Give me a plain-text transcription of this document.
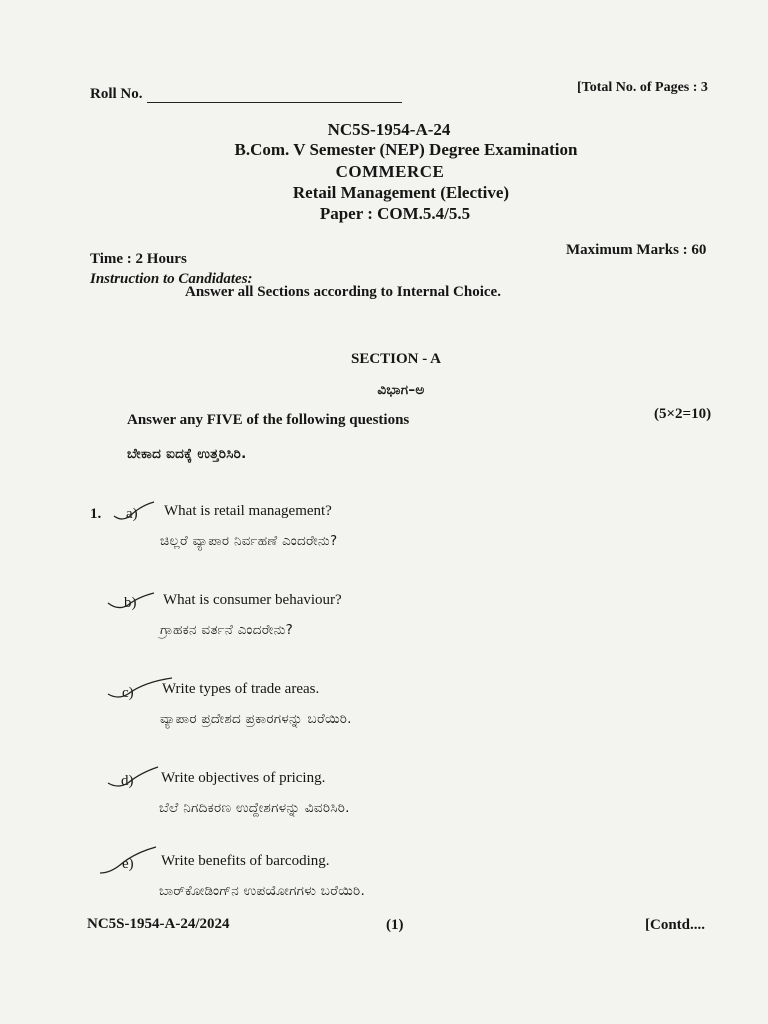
Roll No.	[Total No. of Pages : 3
NC5S-1954-A-24
B.Com. V Semester (NEP) Degree Examination
COMMERCE
Retail Management (Elective)
Paper : COM.5.4/5.5
Time : 2 Hours
Maximum Marks : 60
Instruction to Candidates:
Answer all Sections according to Internal Choice.
SECTION - A
ವಿಭಾಗ–ಅ
Answer any FIVE of the following questions	(5×2=10)
ಬೇಕಾದ ಐದಕ್ಕೆ ಉತ್ತರಿಸಿರಿ.
1. a) What is retail management?
ಚಿಲ್ಲರೆ ವ್ಯಾಪಾರ ನಿರ್ವಹಣೆ ಎಂದರೇನು?
b) What is consumer behaviour?
ಗ್ರಾಹಕನ ವರ್ತನೆ ಎಂದರೇನು?
c) Write types of trade areas.
ವ್ಯಾಪಾರ ಪ್ರದೇಶದ ಪ್ರಕಾರಗಳನ್ನು ಬರೆಯಿರಿ.
d) Write objectives of pricing.
ಬೆಲೆ ನಿಗದಿಕರಣ ಉದ್ದೇಶಗಳನ್ನು ವಿವರಿಸಿರಿ.
e) Write benefits of barcoding.
ಬಾರ್‌ಕೋಡಿಂಗ್‌ನ ಉಪಯೋಗಗಳು ಬರೆಯಿರಿ.
NC5S-1954-A-24/2024	(1)	[Contd....
